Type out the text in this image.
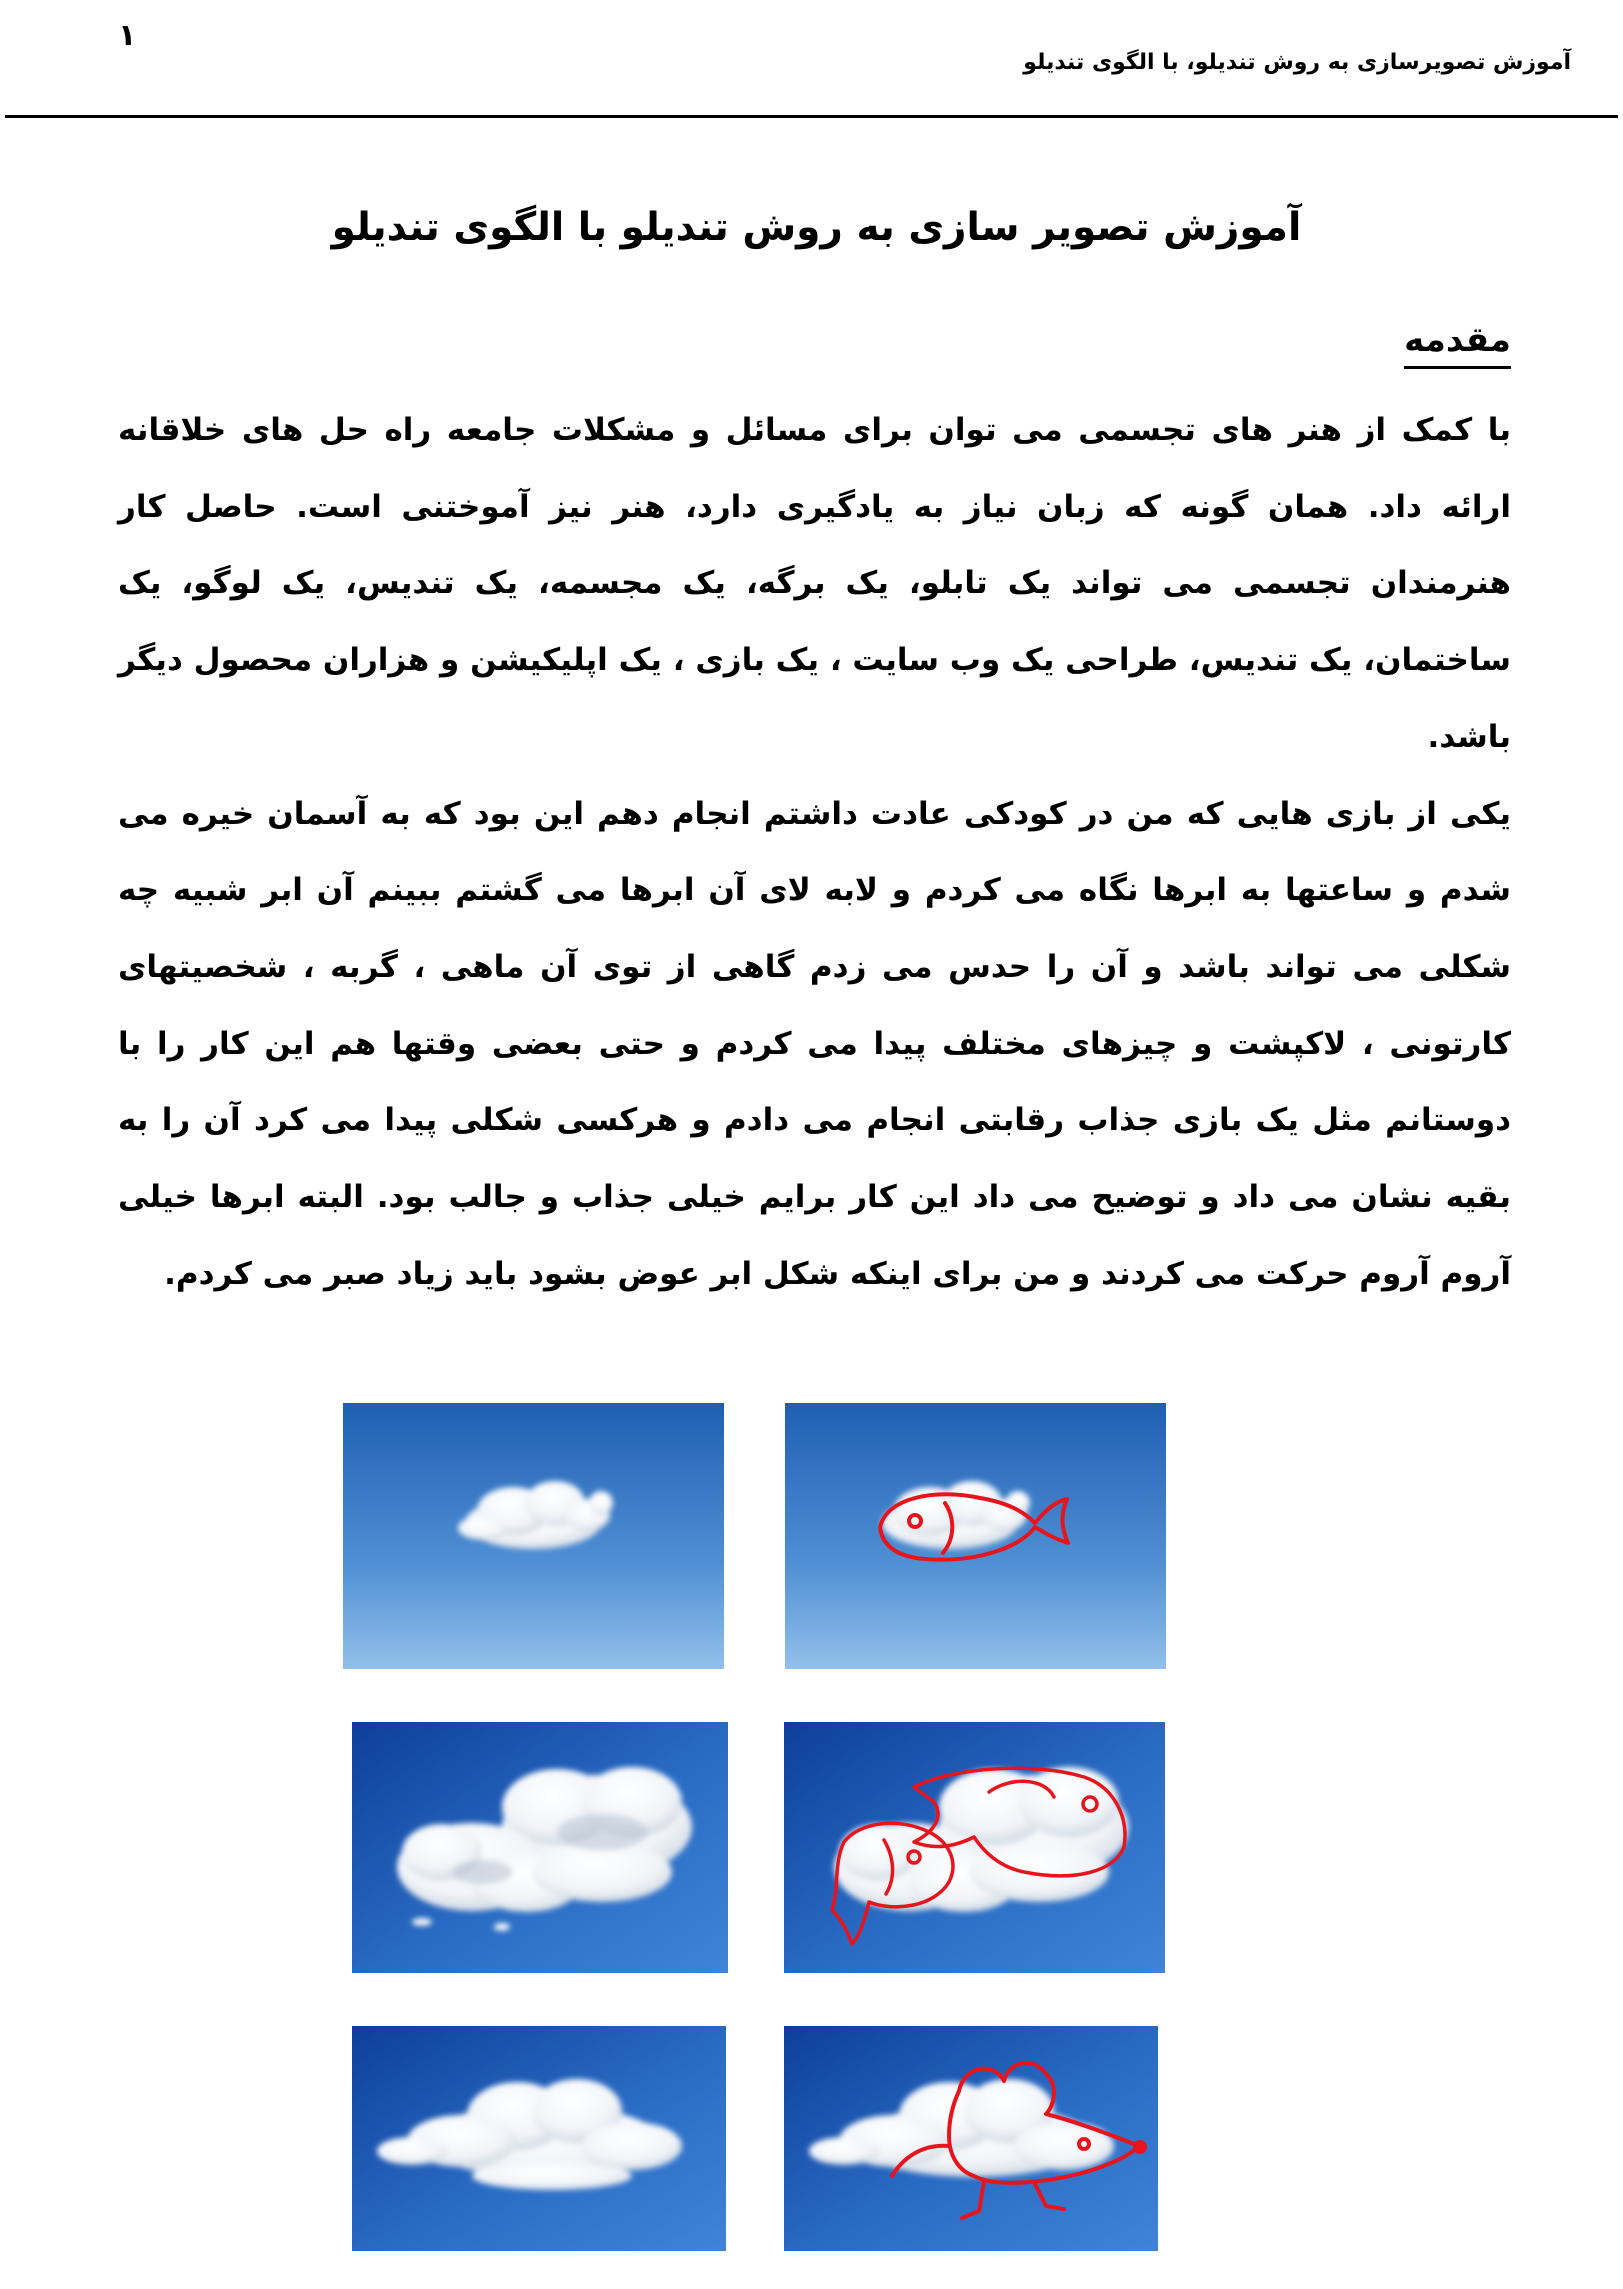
۱
آموزش تصویرسازی به روش تندیلو، با الگوی تندیلو
آموزش تصویر سازی به روش تندیلو با الگوی تندیلو
مقدمه

با کمک از هنر های تجسمی می توان برای مسائل و مشکلات جامعه راه حل های خلاقانه ارائه داد. همان گونه که زبان نیاز به یادگیری دارد، هنر نیز آموختنی است. حاصل کار هنرمندان تجسمی می تواند یک تابلو، یک برگه، یک مجسمه، یک تندیس، یک لوگو، یک ساختمان، یک تندیس، طراحی یک وب سایت ، یک بازی ، یک اپلیکیشن و هزاران محصول دیگر باشد.

یکی از بازی هایی که من در کودکی عادت داشتم انجام دهم این بود که به آسمان خیره می شدم و ساعتها به ابرها نگاه می کردم و لابه لای آن ابرها می گشتم ببینم آن ابر شبیه چه شکلی می تواند باشد و آن را حدس می زدم گاهی از توی آن ماهی ، گربه ، شخصیتهای کارتونی ، لاکپشت و چیزهای مختلف پیدا می کردم و حتی بعضی وقتها هم این کار را با دوستانم مثل یک بازی جذاب رقابتی انجام می دادم و هرکسی شکلی پیدا می کرد آن را به بقیه نشان می داد و توضیح می داد این کار برایم خیلی جذاب و جالب بود. البته ابرها خیلی آروم آروم حرکت می کردند و من برای اینکه شکل ابر عوض بشود باید زیاد صبر می کردم.
